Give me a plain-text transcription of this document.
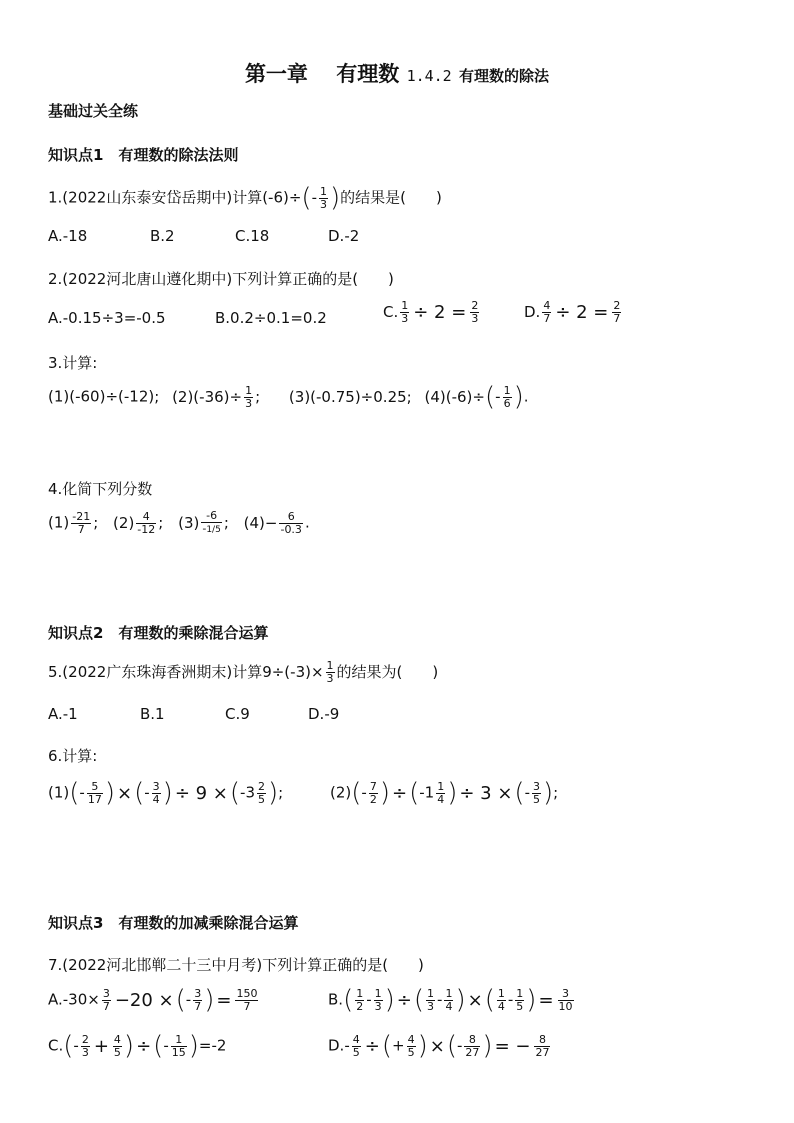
第一章　 有理数 1.4.2 有理数的除法
基础过关全练
知识点1　有理数的除法法则
1.(2022山东泰安岱岳期中)计算$(-6)\div(- \frac{1}{3}$ )的结果是(　　)
A.-18	B.2	C.18	D.-2
2.(2022河北唐山遵化期中)下列计算正确的是(　　)
A.-0.15÷3=-0.5	B.0.2÷0.1=0.2	C. $\frac{1}{3} \div 2 = \frac{2}{3}$	D. $\frac{4}{7} \div 2 = \frac{2}{7}$
3.计算:
(1)(-60)÷(-12); $(2)(-36)\div \frac{1}{3}$ ; (3)(-0.75)÷0.25; $(4)(-6)\div(- \frac{1}{6}$ ).
4.化简下列分数
$(1) \frac{-21}{7}$ ; $(2) \frac{4}{-12}$ ; $(3) \frac{-6}{-1/5}$ ; $(4)- \frac{6}{-0.3}$ .
知识点2　有理数的乘除混合运算
5.(2022广东珠海香洲期末)计算$9\div(-3)\times \frac{1}{3}$ 的结果为(　　)
A.-1	B.1	C.9	D.-9
6.计算:
$(1)(- \frac{5}{17}$ ) ×(- $\frac{3}{4}$ ) ÷ $9 \times(-3 \frac{2}{5}$ );	$(2)(- \frac{7}{2}$ ) $\div(-1 \frac{1}{4}$ ) ÷ 3 ×(- $\frac{3}{5}$ );
知识点3　有理数的加减乘除混合运算
7.(2022河北邯郸二十三中月考)下列计算正确的是(　　)
$A.-30\times \frac{3}{7} -20$ ×(- $\frac{3}{7}$ ) = $\frac{150}{7}$	$B.( \frac{1}{2} - \frac{1}{3}$ ) ÷( $\frac{1}{3} - \frac{1}{4}$ ) ×( $\frac{1}{4} - \frac{1}{5}$ ) = $\frac{3}{10}$
$C.(- \frac{2}{3} + \frac{4}{5}$ ) ÷(- $\frac{1}{15} )=-2$	$D.- \frac{4}{5}$ ÷(+ $\frac{4}{5}$ ) ×(- $\frac{8}{27}$ ) = − $\frac{8}{27}$
